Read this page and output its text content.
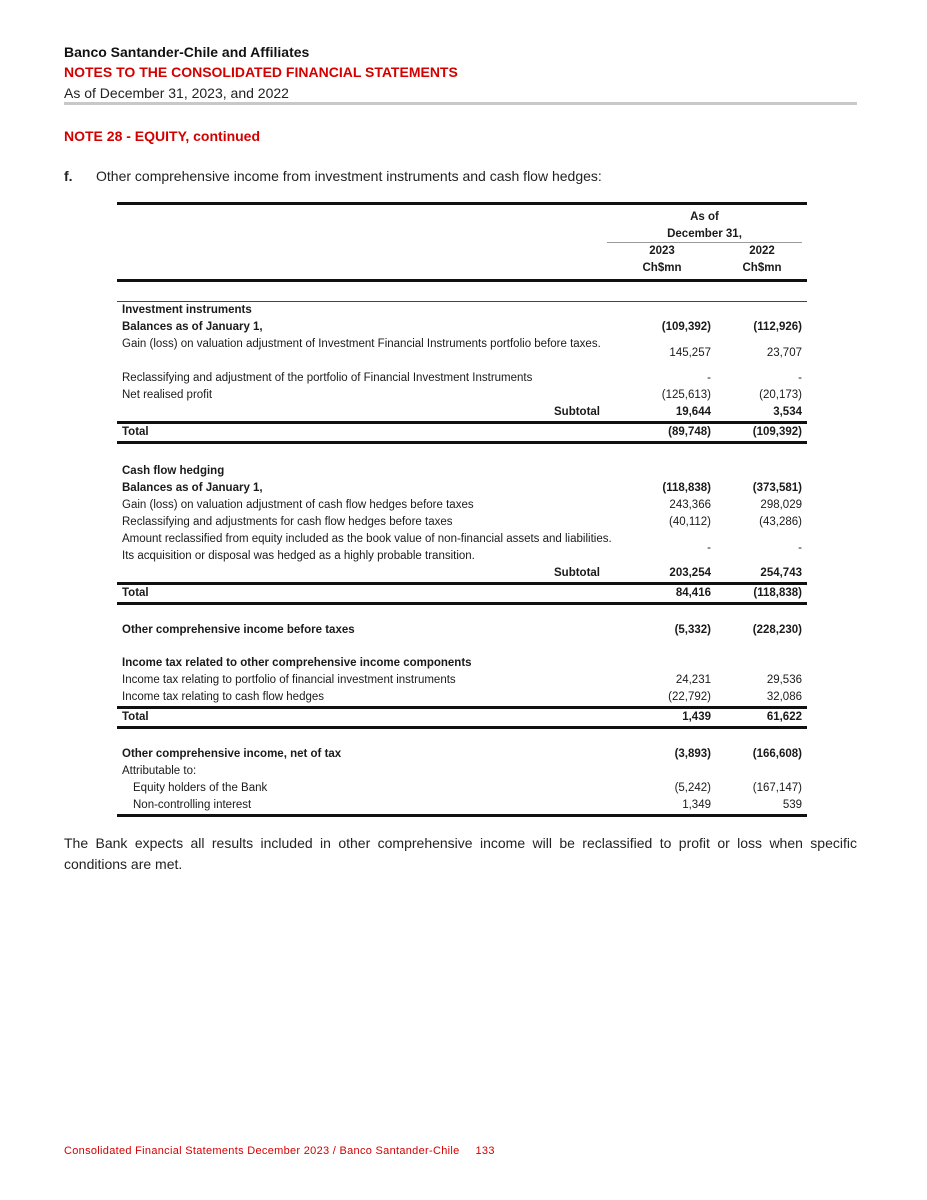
Banco Santander-Chile and Affiliates
NOTES TO THE CONSOLIDATED FINANCIAL STATEMENTS
As of December 31, 2023, and 2022
NOTE 28 - EQUITY, continued
f. Other comprehensive income from investment instruments and cash flow hedges:
As of
December 31,
2023
Ch$mn
2022
Ch$mn
Investment instruments
Balances as of January 1,	(109,392)	(112,926)
Gain (loss) on valuation adjustment of Investment Financial Instruments portfolio before taxes.
145,257	23,707
Reclassifying and adjustment of the portfolio of Financial Investment Instruments	-	-
Net realised profit	(125,613)	(20,173)
Subtotal	19,644	3,534
Total	(89,748)	(109,392)
Cash flow hedging
Balances as of January 1,	(118,838)	(373,581)
Gain (loss) on valuation adjustment of cash flow hedges before taxes	243,366	298,029
Reclassifying and adjustments for cash flow hedges before taxes	(40,112)	(43,286)
Amount reclassified from equity included as the book value of non-financial assets and liabilities. Its acquisition or disposal was hedged as a highly probable transition.
-	-
Subtotal	203,254	254,743
Total	84,416	(118,838)
Other comprehensive income before taxes	(5,332)	(228,230)
Income tax related to other comprehensive income components
Income tax relating to portfolio of financial investment instruments	24,231	29,536
Income tax relating to cash flow hedges	(22,792)	32,086
Total	1,439	61,622
Other comprehensive income, net of tax	(3,893)	(166,608)
Attributable to:
Equity holders of the Bank	(5,242)	(167,147)
Non-controlling interest	1,349	539
The Bank expects all results included in other comprehensive income will be reclassified to profit or loss when specific conditions are met.
Consolidated Financial Statements December 2023 / Banco Santander-Chile 133
